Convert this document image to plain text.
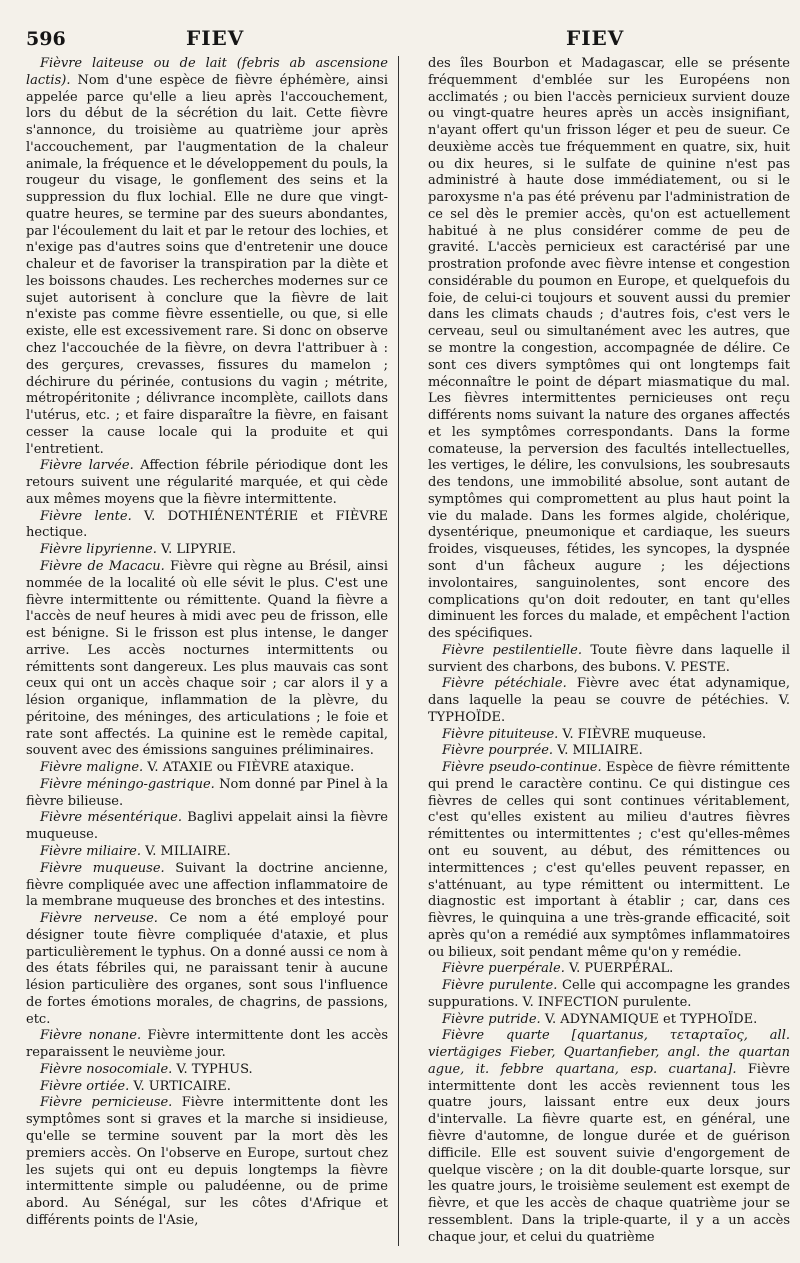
596	FIEV	FIEV

Fièvre laiteuse ou de lait (febris ab ascensione lactis). Nom d'une espèce de fièvre éphémère, ainsi appelée parce qu'elle a lieu après l'accouchement, lors du début de la sécrétion du lait. Cette fièvre s'annonce, du troisième au quatrième jour après l'accouchement, par l'augmentation de la chaleur animale, la fréquence et le développement du pouls, la rougeur du visage, le gonflement des seins et la suppression du flux lochial. Elle ne dure que vingt-quatre heures, se termine par des sueurs abondantes, par l'écoulement du lait et par le retour des lochies, et n'exige pas d'autres soins que d'entretenir une douce chaleur et de favoriser la transpiration par la diète et les boissons chaudes. Les recherches modernes sur ce sujet autorisent à conclure que la fièvre de lait n'existe pas comme fièvre essentielle, ou que, si elle existe, elle est excessivement rare. Si donc on observe chez l'accouchée de la fièvre, on devra l'attribuer à : des gerçures, crevasses, fissures du mamelon ; déchirure du périnée, contusions du vagin ; métrite, métropéritonite ; délivrance incomplète, caillots dans l'utérus, etc. ; et faire disparaître la fièvre, en faisant cesser la cause locale qui la produite et qui l'entretient.

Fièvre larvée. Affection fébrile périodique dont les retours suivent une régularité marquée, et qui cède aux mêmes moyens que la fièvre intermittente.

Fièvre lente. V. DOTHIÉNENTÉRIE et FIÈVRE hectique.

Fièvre lipyrienne. V. LIPYRIE.

Fièvre de Macacu. Fièvre qui règne au Brésil, ainsi nommée de la localité où elle sévit le plus. C'est une fièvre intermittente ou rémittente. Quand la fièvre a l'accès de neuf heures à midi avec peu de frisson, elle est bénigne. Si le frisson est plus intense, le danger arrive. Les accès nocturnes intermittents ou rémittents sont dangereux. Les plus mauvais cas sont ceux qui ont un accès chaque soir ; car alors il y a lésion organique, inflammation de la plèvre, du péritoine, des méninges, des articulations ; le foie et rate sont affectés. La quinine est le remède capital, souvent avec des émissions sanguines préliminaires.

Fièvre maligne. V. ATAXIE ou FIÈVRE ataxique.

Fièvre méningo-gastrique. Nom donné par Pinel à la fièvre bilieuse.

Fièvre mésentérique. Baglivi appelait ainsi la fièvre muqueuse.

Fièvre miliaire. V. MILIAIRE.

Fièvre muqueuse. Suivant la doctrine ancienne, fièvre compliquée avec une affection inflammatoire de la membrane muqueuse des bronches et des intestins.

Fièvre nerveuse. Ce nom a été employé pour désigner toute fièvre compliquée d'ataxie, et plus particulièrement le typhus. On a donné aussi ce nom à des états fébriles qui, ne paraissant tenir à aucune lésion particulière des organes, sont sous l'influence de fortes émotions morales, de chagrins, de passions, etc.

Fièvre nonane. Fièvre intermittente dont les accès reparaissent le neuvième jour.

Fièvre nosocomiale. V. TYPHUS.

Fièvre ortiée. V. URTICAIRE.

Fièvre pernicieuse. Fièvre intermittente dont les symptômes sont si graves et la marche si insidieuse, qu'elle se termine souvent par la mort dès les premiers accès. On l'observe en Europe, surtout chez les sujets qui ont eu depuis longtemps la fièvre intermittente simple ou paludéenne, ou de prime abord. Au Sénégal, sur les côtes d'Afrique et différents points de l'Asie,

des îles Bourbon et Madagascar, elle se présente fréquemment d'emblée sur les Européens non acclimatés ; ou bien l'accès pernicieux survient douze ou vingt-quatre heures après un accès insignifiant, n'ayant offert qu'un frisson léger et peu de sueur. Ce deuxième accès tue fréquemment en quatre, six, huit ou dix heures, si le sulfate de quinine n'est pas administré à haute dose immédiatement, ou si le paroxysme n'a pas été prévenu par l'administration de ce sel dès le premier accès, qu'on est actuellement habitué à ne plus considérer comme de peu de gravité. L'accès pernicieux est caractérisé par une prostration profonde avec fièvre intense et congestion considérable du poumon en Europe, et quelquefois du foie, de celui-ci toujours et souvent aussi du premier dans les climats chauds ; d'autres fois, c'est vers le cerveau, seul ou simultanément avec les autres, que se montre la congestion, accompagnée de délire. Ce sont ces divers symptômes qui ont longtemps fait méconnaître le point de départ miasmatique du mal. Les fièvres intermittentes pernicieuses ont reçu différents noms suivant la nature des organes affectés et les symptômes correspondants. Dans la forme comateuse, la perversion des facultés intellectuelles, les vertiges, le délire, les convulsions, les soubresauts des tendons, une immobilité absolue, sont autant de symptômes qui compromettent au plus haut point la vie du malade. Dans les formes algide, cholérique, dysentérique, pneumonique et cardiaque, les sueurs froides, visqueuses, fétides, les syncopes, la dyspnée sont d'un fâcheux augure ; les déjections involontaires, sanguinolentes, sont encore des complications qu'on doit redouter, en tant qu'elles diminuent les forces du malade, et empêchent l'action des spécifiques.

Fièvre pestilentielle. Toute fièvre dans laquelle il survient des charbons, des bubons. V. PESTE.

Fièvre pétéchiale. Fièvre avec état adynamique, dans laquelle la peau se couvre de pétéchies. V. TYPHOÏDE.

Fièvre pituiteuse. V. FIÈVRE muqueuse.

Fièvre pourprée. V. MILIAIRE.

Fièvre pseudo-continue. Espèce de fièvre rémittente qui prend le caractère continu. Ce qui distingue ces fièvres de celles qui sont continues véritablement, c'est qu'elles existent au milieu d'autres fièvres rémittentes ou intermittentes ; c'est qu'elles-mêmes ont eu souvent, au début, des rémittences ou intermittences ; c'est qu'elles peuvent repasser, en s'atténuant, au type rémittent ou intermittent. Le diagnostic est important à établir ; car, dans ces fièvres, le quinquina a une très-grande efficacité, soit après qu'on a remédié aux symptômes inflammatoires ou bilieux, soit pendant même qu'on y remédie.

Fièvre puerpérale. V. PUERPÉRAL.

Fièvre purulente. Celle qui accompagne les grandes suppurations. V. INFECTION purulente.

Fièvre putride. V. ADYNAMIQUE et TYPHOÏDE.

Fièvre quarte [quartanus, τεταρταῖος, all. viertägiges Fieber, Quartanfieber, angl. the quartan ague, it. febbre quartana, esp. cuartana]. Fièvre intermittente dont les accès reviennent tous les quatre jours, laissant entre eux deux jours d'intervalle. La fièvre quarte est, en général, une fièvre d'automne, de longue durée et de guérison difficile. Elle est souvent suivie d'engorgement de quelque viscère ; on la dit double-quarte lorsque, sur les quatre jours, le troisième seulement est exempt de fièvre, et que les accès de chaque quatrième jour se ressemblent. Dans la triple-quarte, il y a un accès chaque jour, et celui du quatrième
